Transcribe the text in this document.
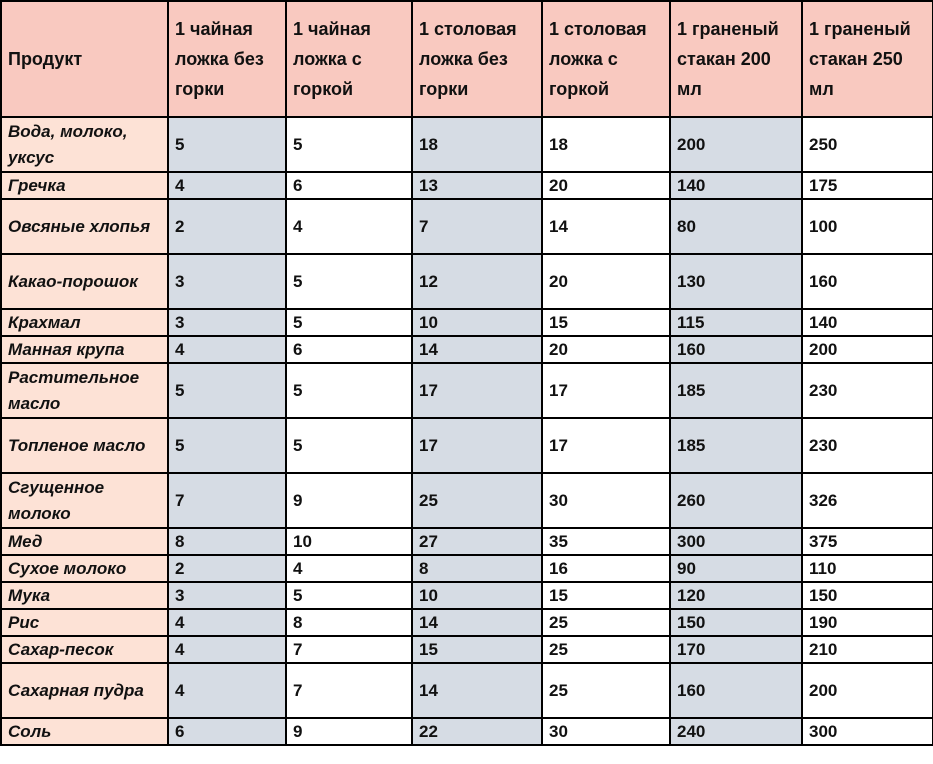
Продукт	1 чайная ложка без горки	1 чайная ложка с горкой	1 столовая ложка без горки	1 столовая ложка с горкой	1 граненый стакан 200 мл	1 граненый стакан 250 мл
Вода, молоко, уксус	5	5	18	18	200	250
Гречка	4	6	13	20	140	175
Овсяные хлопья	2	4	7	14	80	100
Какао-порошок	3	5	12	20	130	160
Крахмал	3	5	10	15	115	140
Манная крупа	4	6	14	20	160	200
Растительное масло	5	5	17	17	185	230
Топленое масло	5	5	17	17	185	230
Сгущенное молоко	7	9	25	30	260	326
Мед	8	10	27	35	300	375
Сухое молоко	2	4	8	16	90	110
Мука	3	5	10	15	120	150
Рис	4	8	14	25	150	190
Сахар-песок	4	7	15	25	170	210
Сахарная пудра	4	7	14	25	160	200
Соль	6	9	22	30	240	300
